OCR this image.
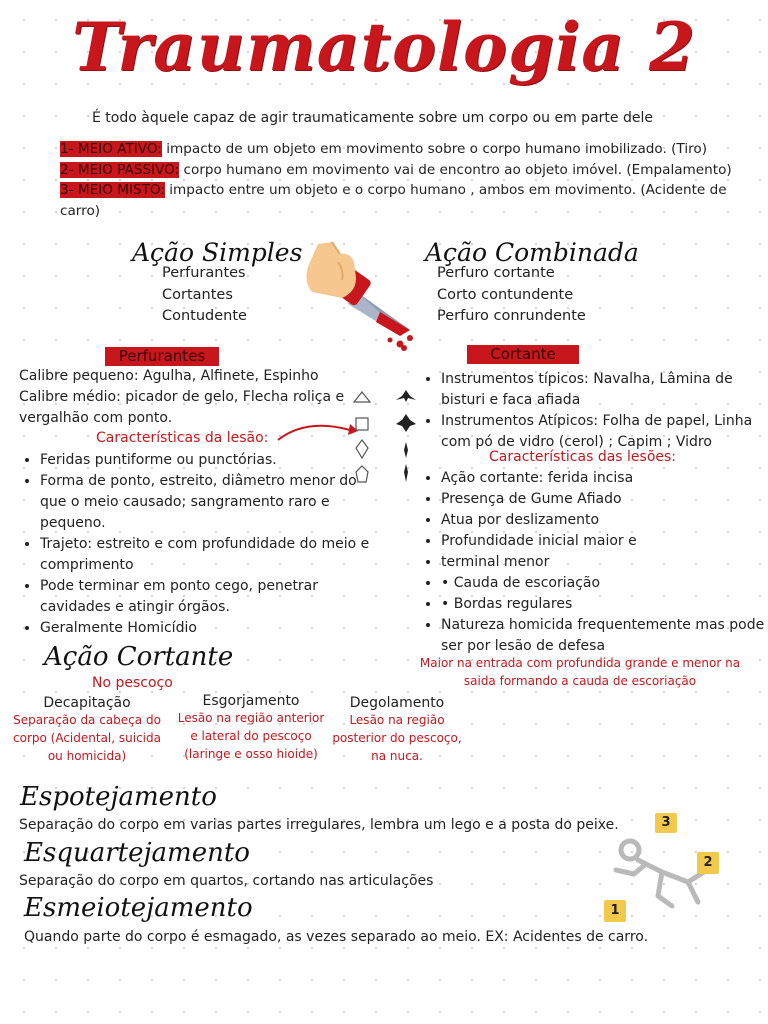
Traumatologia 2
É todo àquele capaz de agir traumaticamente sobre um corpo ou em parte dele
1- MEIO ATIVO: impacto de um objeto em movimento sobre o corpo humano imobilizado. (Tiro)
2- MEIO PASSIVO: corpo humano em movimento vai de encontro ao objeto imóvel. (Empalamento)
3- MEIO MISTO: impacto entre um objeto e o corpo humano , ambos em movimento. (Acidente de carro)
Ação Simples
Perfurantes
Cortantes
Contudente
Ação Combinada
Perfuro cortante
Corto contundente
Perfuro conrundente
Perfurantes
Calibre pequeno: Agulha, Alfinete, Espinho
Calibre médio: picador de gelo, Flecha roliça e
vergalhão com ponto.
Características da lesão:
• Feridas puntiforme ou punctórias.
• Forma de ponto, estreito, diâmetro menor do que o meio causado; sangramento raro e pequeno.
• Trajeto: estreito e com profundidade do meio e comprimento
• Pode terminar em ponto cego, penetrar cavidades e atingir órgãos.
• Geralmente Homicídio
Cortante
• Instrumentos típicos: Navalha, Lâmina de bisturi e faca afiada
• Instrumentos Atípicos: Folha de papel, Linha com pó de vidro (cerol) ; Capim ; Vidro
Características das lesões:
• Ação cortante: ferida incisa
• Presença de Gume Afiado
• Atua por deslizamento
• Profundidade inicial maior e
• terminal menor
• • Cauda de escoriação
• • Bordas regulares
• Natureza homicida frequentemente mas pode ser por lesão de defesa
Maior na entrada com profundida grande e menor na saida formando a cauda de escoriação
Ação Cortante
No pescoço
Decapitação
Separação da cabeça do corpo (Acidental, suicida ou homicida)
Esgorjamento
Lesão na região anterior e lateral do pescoço (laringe e osso hioide)
Degolamento
Lesão na região posterior do pescoço, na nuca.
Espotejamento
Separação do corpo em varias partes irregulares, lembra um lego e a posta do peixe.
Esquartejamento
Separação do corpo em quartos, cortando nas articulações
Esmeiotejamento
Quando parte do corpo é esmagado, as vezes separado ao meio. EX: Acidentes de carro.
3
2
1
